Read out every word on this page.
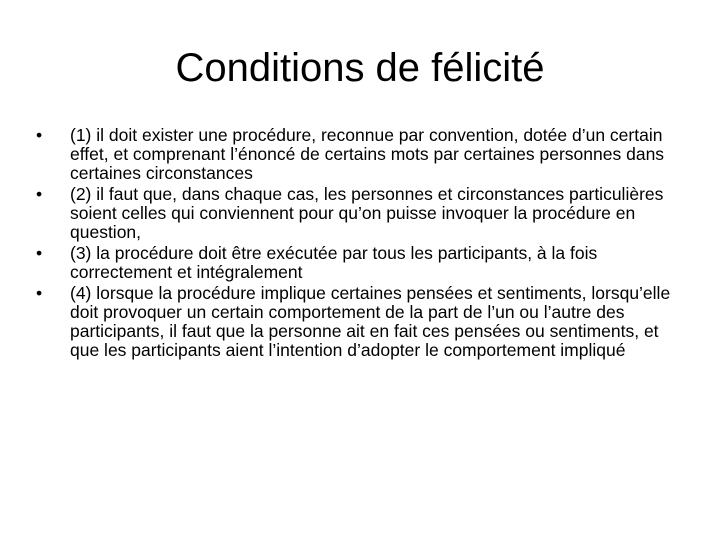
Conditions de félicité
•	(1) il doit exister une procédure, reconnue par convention, dotée d’un certain effet, et comprenant l’énoncé de certains mots par certaines personnes dans certaines circonstances
•	(2) il faut que, dans chaque cas, les personnes et circonstances particulières soient celles qui conviennent pour qu’on puisse invoquer la procédure en question,
•	(3) la procédure doit être exécutée par tous les participants, à la fois correctement et intégralement
•	(4) lorsque la procédure implique certaines pensées et sentiments, lorsqu’elle doit provoquer un certain comportement de la part de l’un ou l’autre des participants, il faut que la personne ait en fait ces pensées ou sentiments, et que les participants aient l’intention d’adopter le comportement impliqué
